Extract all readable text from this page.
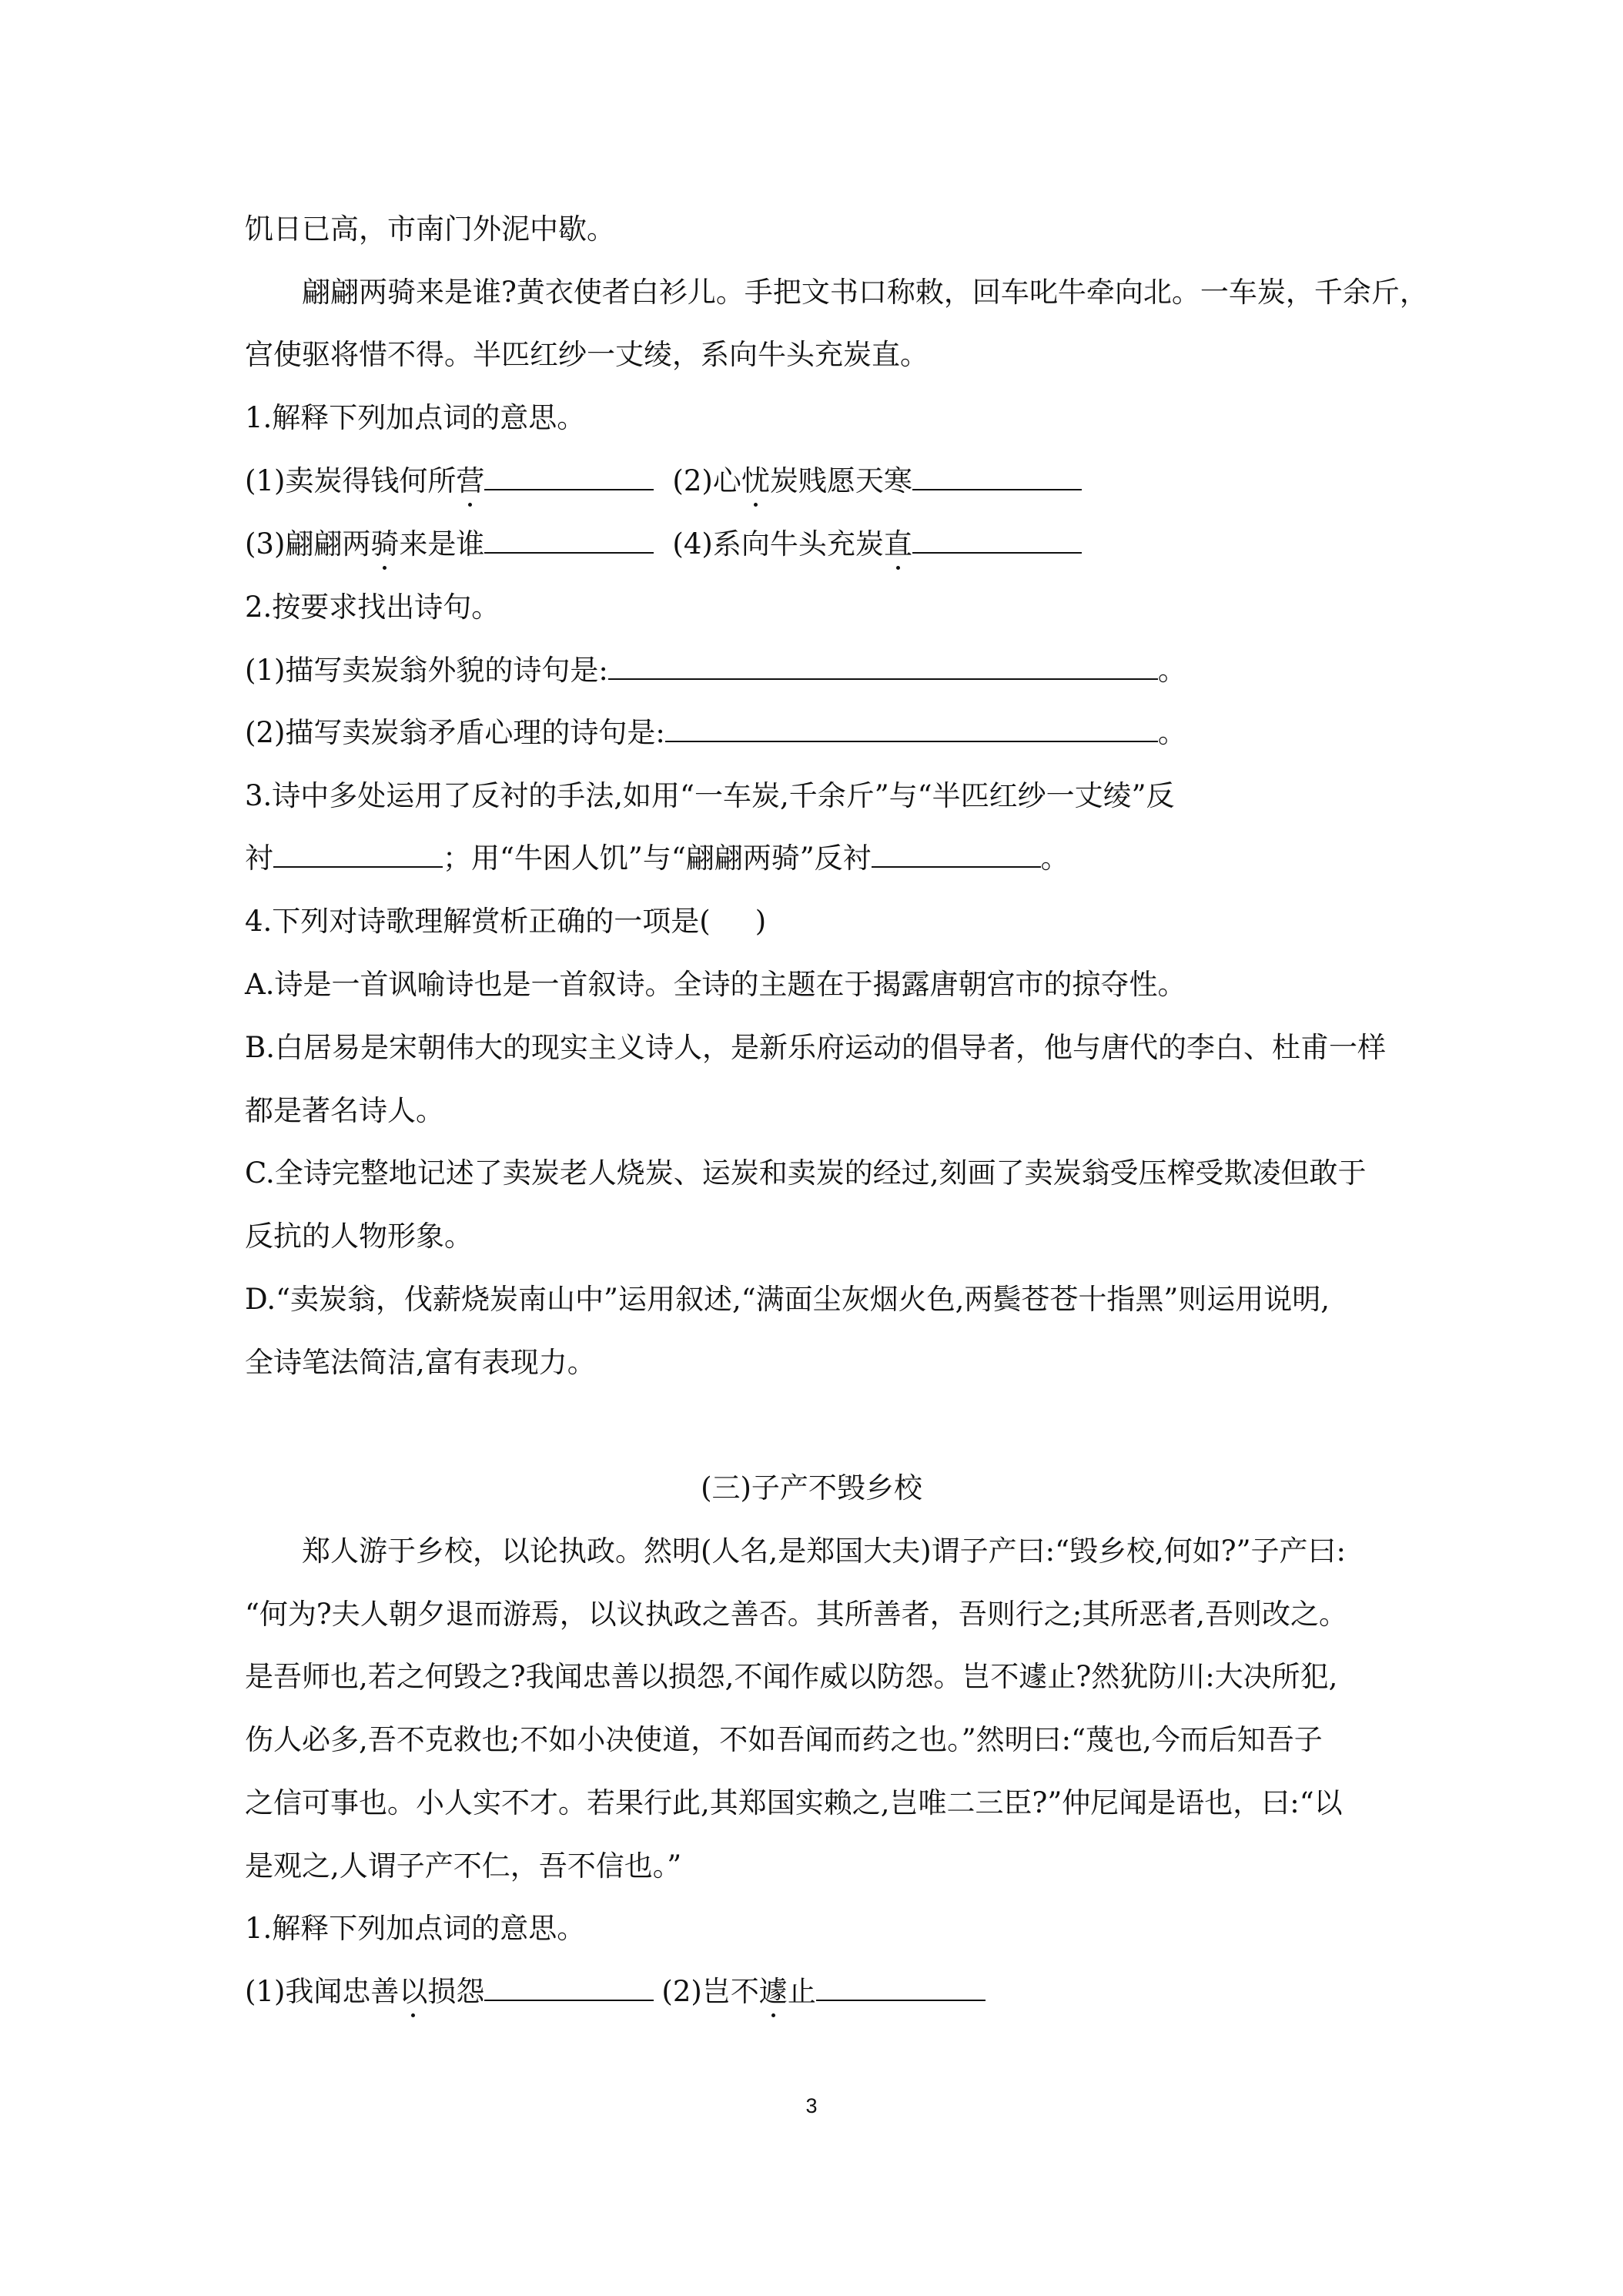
饥日已高，市南门外泥中歇。
翩翩两骑来是谁?黄衣使者白衫儿。手把文书口称敕，回车叱牛牵向北。一车炭，千余斤，
宫使驱将惜不得。半匹红纱一丈绫，系向牛头充炭直。
1.解释下列加点词的意思。
(1)卖炭得钱何所营	(2)心忧炭贱愿天寒
(3)翩翩两骑来是谁	(4)系向牛头充炭直
2.按要求找出诗句。
(1)描写卖炭翁外貌的诗句是:	。
(2)描写卖炭翁矛盾心理的诗句是:	。
3.诗中多处运用了反衬的手法,如用“一车炭,千余斤”与“半匹红纱一丈绫”反
衬	；用“牛困人饥”与“翩翩两骑”反衬	。
4.下列对诗歌理解赏析正确的一项是( )
A.诗是一首讽喻诗也是一首叙诗。全诗的主题在于揭露唐朝宫市的掠夺性。
B.白居易是宋朝伟大的现实主义诗人，是新乐府运动的倡导者，他与唐代的李白、杜甫一样
都是著名诗人。
C.全诗完整地记述了卖炭老人烧炭、运炭和卖炭的经过,刻画了卖炭翁受压榨受欺凌但敢于
反抗的人物形象。
D.“卖炭翁，伐薪烧炭南山中”运用叙述,“满面尘灰烟火色,两鬓苍苍十指黑”则运用说明,
全诗笔法简洁,富有表现力。
(三)子产不毁乡校
郑人游于乡校，以论执政。然明(人名,是郑国大夫)谓子产曰:“毁乡校,何如?”子产曰:
“何为?夫人朝夕退而游焉，以议执政之善否。其所善者，吾则行之;其所恶者,吾则改之。
是吾师也,若之何毁之?我闻忠善以损怨,不闻作威以防怨。岂不遽止?然犹防川:大决所犯,
伤人必多,吾不克救也;不如小决使道，不如吾闻而药之也。”然明曰:“蔑也,今而后知吾子
之信可事也。小人实不才。若果行此,其郑国实赖之,岂唯二三臣?”仲尼闻是语也，曰:“以
是观之,人谓子产不仁，吾不信也。”
1.解释下列加点词的意思。
(1)我闻忠善以损怨	(2)岂不遽止
3
